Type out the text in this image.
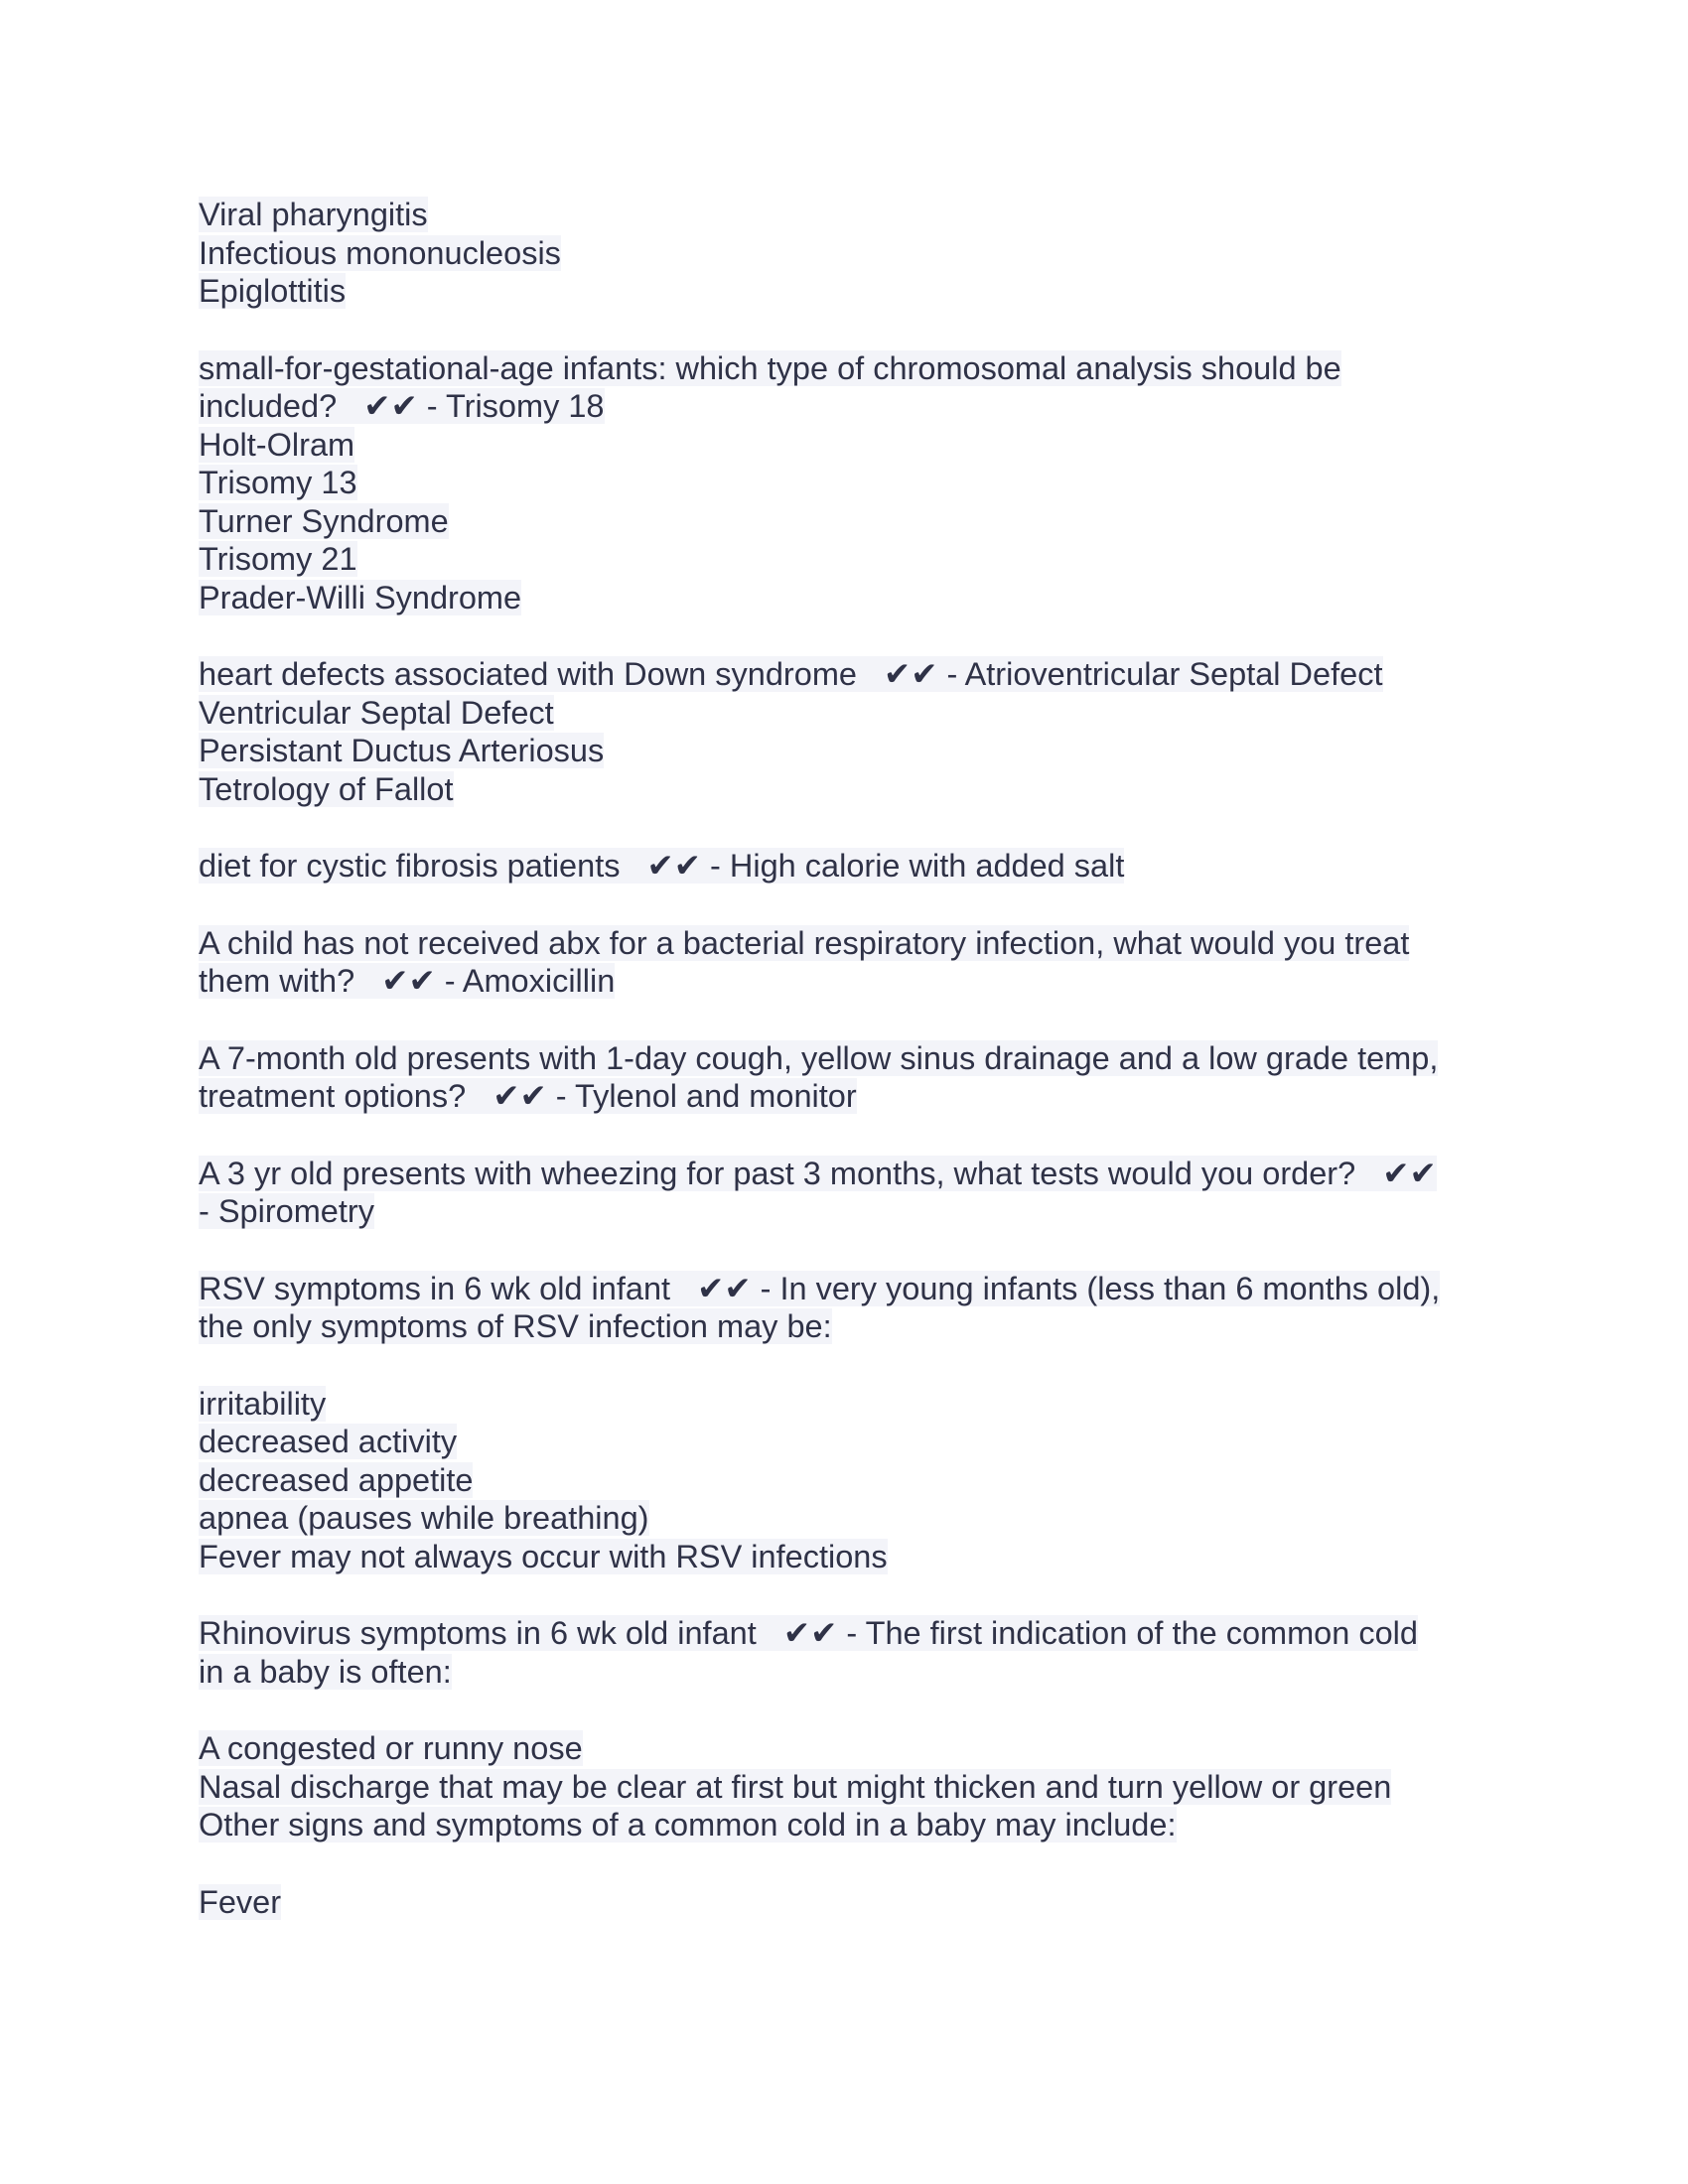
Viral pharyngitis
Infectious mononucleosis
Epiglottitis
small-for-gestational-age infants: which type of chromosomal analysis should be
included?   ✔✔ - Trisomy 18
Holt-Olram
Trisomy 13
Turner Syndrome
Trisomy 21
Prader-Willi Syndrome
heart defects associated with Down syndrome   ✔✔ - Atrioventricular Septal Defect
Ventricular Septal Defect
Persistant Ductus Arteriosus
Tetrology of Fallot
diet for cystic fibrosis patients   ✔✔ - High calorie with added salt
A child has not received abx for a bacterial respiratory infection, what would you treat
them with?   ✔✔ - Amoxicillin
A 7-month old presents with 1-day cough, yellow sinus drainage and a low grade temp,
treatment options?   ✔✔ - Tylenol and monitor
A 3 yr old presents with wheezing for past 3 months, what tests would you order?   ✔✔
- Spirometry
RSV symptoms in 6 wk old infant   ✔✔ - In very young infants (less than 6 months old),
the only symptoms of RSV infection may be:
irritability
decreased activity
decreased appetite
apnea (pauses while breathing)
Fever may not always occur with RSV infections
Rhinovirus symptoms in 6 wk old infant   ✔✔ - The first indication of the common cold
in a baby is often:
A congested or runny nose
Nasal discharge that may be clear at first but might thicken and turn yellow or green
Other signs and symptoms of a common cold in a baby may include:
Fever
